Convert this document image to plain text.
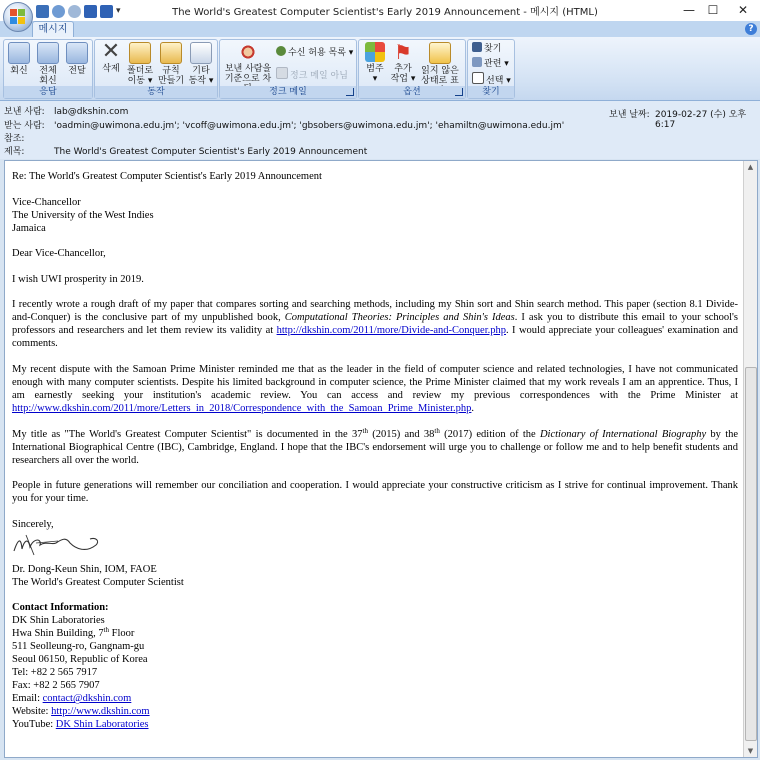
▾	The World's Greatest Computer Scientist's Early 2019 Announcement - 메시지 (HTML)	—	☐	✕
메시지	?
회신	전체
회신
전달
응답
✕
삭제 폴더로
이동 ▾
규칙
만들기
기타
동작 ▾
동작
보낸 사람을
기준으로 차
수신 허용 목록 ▾
정크 메일 아님
정크 메일
범주
▾
⚑
추가
작업 ▾
읽지 않은
상태로 표
옵션
찾기
관련 ▾
선택 ▾
찾기
보낸 사람: lab@dkshin.com
받는 사람: 'oadmin@uwimona.edu.jm'; 'vcoff@uwimona.edu.jm'; 'gbsobers@uwimona.edu.jm'; 'ehamiltn@uwimona.edu.jm'
참조:
제목:	The World's Greatest Computer Scientist's Early 2019 Announcement
보낸 날짜: 2019-02-27 (수) 오후 6:17

Re: The World's Greatest Computer Scientist's Early 2019 Announcement

Vice-Chancellor
The University of the West Indies
Jamaica

Dear Vice-Chancellor,

I wish UWI prosperity in 2019.

I recently wrote a rough draft of my paper that compares sorting and searching methods, including my Shin sort and Shin search method. This paper (section 8.1 Divide-and-Conquer) is the conclusive part of my unpublished book, Computational Theories: Principles and Shin's Ideas. I ask you to distribute this email to your school's professors and researchers and let them review its validity at http://dkshin.com/2011/more/Divide-and-Conquer.php. I would appreciate your colleagues' examination and comments.

My recent dispute with the Samoan Prime Minister reminded me that as the leader in the field of computer science and related technologies, I have not communicated enough with many computer scientists. Despite his limited background in computer science, the Prime Minister claimed that my work reveals I am an apprentice. Thus, I am earnestly seeking your institution's academic review. You can access and review my previous correspondences with the Prime Minister at http://www.dkshin.com/2011/more/Letters_in_2018/Correspondence_with_the_Samoan_Prime_Minister.php.

My title as "The World's Greatest Computer Scientist" is documented in the 37th (2015) and 38th (2017) edition of the Dictionary of International Biography by the International Biographical Centre (IBC), Cambridge, England. I hope that the IBC's endorsement will urge you to challenge or follow me and to help benefit students and researchers all over the world.

People in future generations will remember our conciliation and cooperation. I would appreciate your constructive criticism as I strive for continual improvement. Thank you for your time.

Sincerely,

Dr. Dong-Keun Shin, IOM, FAOE
The World's Greatest Computer Scientist

Contact Information:
DK Shin Laboratories
Hwa Shin Building, 7th Floor
511 Seolleung-ro, Gangnam-gu
Seoul 06150, Republic of Korea
Tel: +82 2 565 7917
Fax: +82 2 565 7907
Email: contact@dkshin.com
Website: http://www.dkshin.com
YouTube: DK Shin Laboratories

▲
▼
